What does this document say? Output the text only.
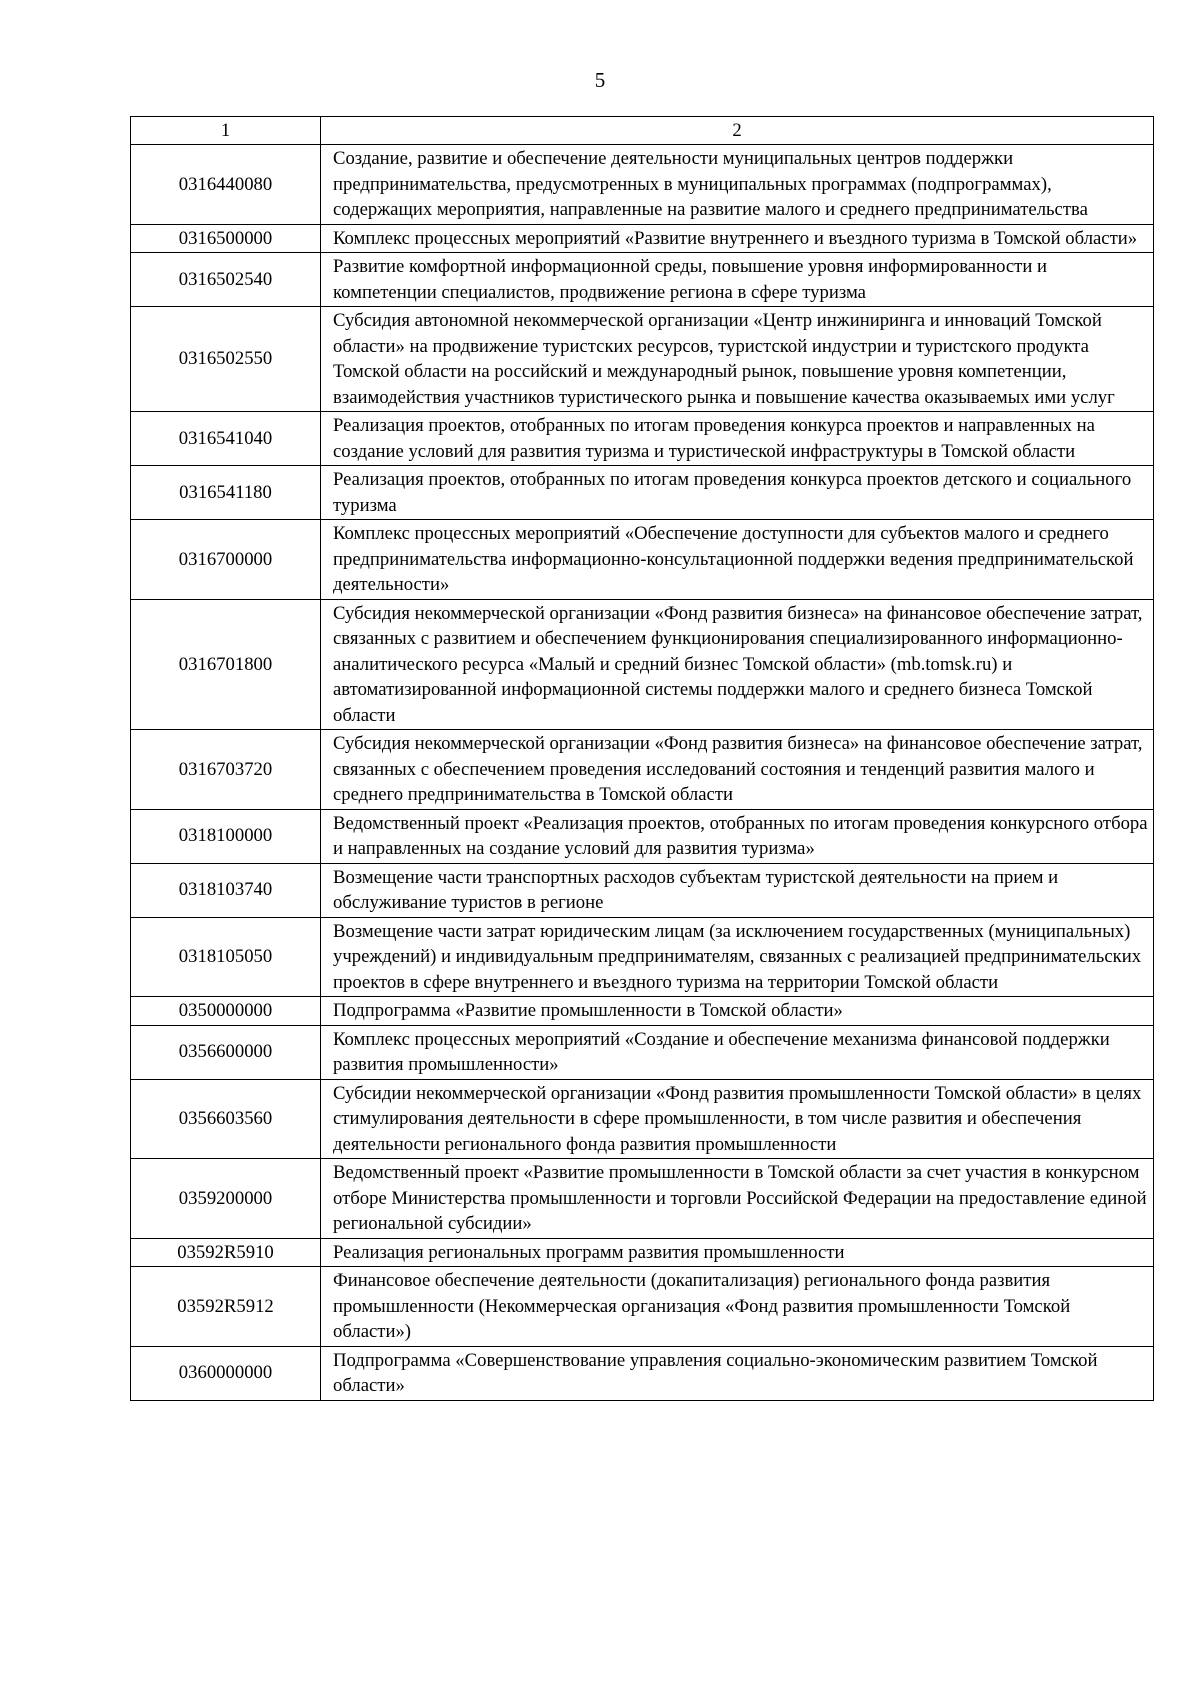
5
1	2
0316440080	Создание, развитие и обеспечение деятельности муниципальных центров поддержки предпринимательства, предусмотренных в муниципальных программах (подпрограммах), содержащих мероприятия, направленные на развитие малого и среднего предпринимательства
0316500000	Комплекс процессных мероприятий «Развитие внутреннего и въездного туризма в Томской области»
0316502540	Развитие комфортной информационной среды, повышение уровня информированности и компетенции специалистов, продвижение региона в сфере туризма
0316502550	Субсидия автономной некоммерческой организации «Центр инжиниринга и инноваций Томской области» на продвижение туристских ресурсов, туристской индустрии и туристского продукта Томской области на российский и международный рынок, повышение уровня компетенции, взаимодействия участников туристического рынка и повышение качества оказываемых ими услуг
0316541040	Реализация проектов, отобранных по итогам проведения конкурса проектов и направленных на создание условий для развития туризма и туристической инфраструктуры в Томской области
0316541180	Реализация проектов, отобранных по итогам проведения конкурса проектов детского и социального туризма
0316700000	Комплекс процессных мероприятий «Обеспечение доступности для субъектов малого и среднего предпринимательства информационно-консультационной поддержки ведения предпринимательской деятельности»
0316701800	Субсидия некоммерческой организации «Фонд развития бизнеса» на финансовое обеспечение затрат, связанных с развитием и обеспечением функционирования специализированного информационно-аналитического ресурса «Малый и средний бизнес Томской области» (mb.tomsk.ru) и автоматизированной информационной системы поддержки малого и среднего бизнеса Томской области
0316703720	Субсидия некоммерческой организации «Фонд развития бизнеса» на финансовое обеспечение затрат, связанных с обеспечением проведения исследований состояния и тенденций развития малого и среднего предпринимательства в Томской области
0318100000	Ведомственный проект «Реализация проектов, отобранных по итогам проведения конкурсного отбора и направленных на создание условий для развития туризма»
0318103740	Возмещение части транспортных расходов субъектам туристской деятельности на прием и обслуживание туристов в регионе
0318105050	Возмещение части затрат юридическим лицам (за исключением государственных (муниципальных) учреждений) и индивидуальным предпринимателям, связанных с реализацией предпринимательских проектов в сфере внутреннего и въездного туризма на территории Томской области
0350000000	Подпрограмма «Развитие промышленности в Томской области»
0356600000	Комплекс процессных мероприятий «Создание и обеспечение механизма финансовой поддержки развития промышленности»
0356603560	Субсидии некоммерческой организации «Фонд развития промышленности Томской области» в целях стимулирования деятельности в сфере промышленности, в том числе развития и обеспечения деятельности регионального фонда развития промышленности
0359200000	Ведомственный проект «Развитие промышленности в Томской области за счет участия в конкурсном отборе Министерства промышленности и торговли Российской Федерации на предоставление единой региональной субсидии»
03592R5910	Реализация региональных программ развития промышленности
03592R5912	Финансовое обеспечение деятельности (докапитализация) регионального фонда развития промышленности (Некоммерческая организация «Фонд развития промышленности Томской области»)
0360000000	Подпрограмма «Совершенствование управления социально-экономическим развитием Томской области»
